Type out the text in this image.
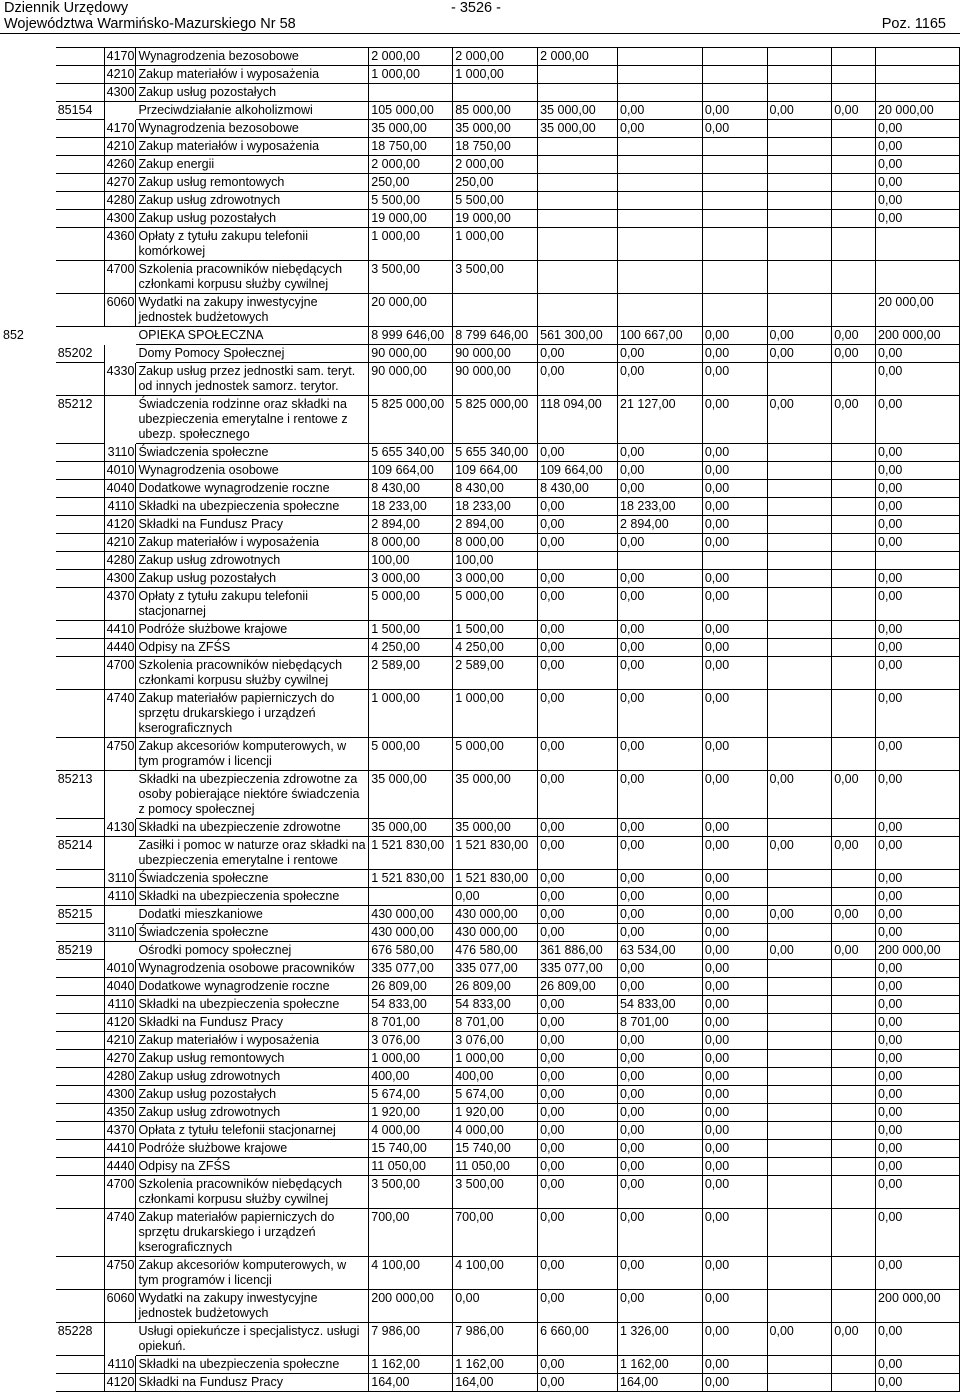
Dziennik Urzędowy
Województwa Warmińsko-Mazurskiego Nr 58
- 3526 -
Poz. 1165
		4170	Wynagrodzenia bezosobowe	2 000,00	2 000,00	2 000,00					
		4210	Zakup materiałów i wyposażenia	1 000,00	1 000,00						
		4300	Zakup usług pozostałych								
	85154		Przeciwdziałanie alkoholizmowi	105 000,00	85 000,00	35 000,00	0,00	0,00	0,00	0,00	20 000,00
		4170	Wynagrodzenia bezosobowe	35 000,00	35 000,00	35 000,00	0,00	0,00			0,00
		4210	Zakup materiałów i wyposażenia	18 750,00	18 750,00						0,00
		4260	Zakup energii	2 000,00	2 000,00						0,00
		4270	Zakup usług remontowych	250,00	250,00						0,00
		4280	Zakup usług zdrowotnych	5 500,00	5 500,00						0,00
		4300	Zakup usług pozostałych	19 000,00	19 000,00						0,00
		4360	Opłaty z tytułu zakupu telefonii komórkowej	1 000,00	1 000,00						
		4700	Szkolenia pracowników niebędących członkami korpusu służby cywilnej	3 500,00	3 500,00						
		6060	Wydatki na zakupy inwestycyjne jednostek budżetowych	20 000,00							20 000,00
852			OPIEKA SPOŁECZNA	8 999 646,00	8 799 646,00	561 300,00	100 667,00	0,00	0,00	0,00	200 000,00
	85202		Domy Pomocy Społecznej	90 000,00	90 000,00	0,00	0,00	0,00	0,00	0,00	0,00
		4330	Zakup usług przez jednostki sam. teryt. od innych jednostek samorz. terytor.	90 000,00	90 000,00	0,00	0,00	0,00			0,00
	85212		Świadczenia rodzinne oraz składki na ubezpieczenia emerytalne i rentowe z ubezp. społecznego	5 825 000,00	5 825 000,00	118 094,00	21 127,00	0,00	0,00	0,00	0,00
		3110	Świadczenia społeczne	5 655 340,00	5 655 340,00	0,00	0,00	0,00			0,00
		4010	Wynagrodzenia osobowe	109 664,00	109 664,00	109 664,00	0,00	0,00			0,00
		4040	Dodatkowe wynagrodzenie roczne	8 430,00	8 430,00	8 430,00	0,00	0,00			0,00
		4110	Składki na ubezpieczenia społeczne	18 233,00	18 233,00	0,00	18 233,00	0,00			0,00
		4120	Składki na Fundusz Pracy	2 894,00	2 894,00	0,00	2 894,00	0,00			0,00
		4210	Zakup materiałów i wyposażenia	8 000,00	8 000,00	0,00	0,00	0,00			0,00
		4280	Zakup usług zdrowotnych	100,00	100,00						
		4300	Zakup usług pozostałych	3 000,00	3 000,00	0,00	0,00	0,00			0,00
		4370	Opłaty z tytułu zakupu telefonii stacjonarnej	5 000,00	5 000,00	0,00	0,00	0,00			0,00
		4410	Podróże służbowe krajowe	1 500,00	1 500,00	0,00	0,00	0,00			0,00
		4440	Odpisy na ZFŚS	4 250,00	4 250,00	0,00	0,00	0,00			0,00
		4700	Szkolenia pracowników niebędących członkami korpusu służby cywilnej	2 589,00	2 589,00	0,00	0,00	0,00			0,00
		4740	Zakup materiałów papierniczych do sprzętu drukarskiego i urządzeń kserograficznych	1 000,00	1 000,00	0,00	0,00	0,00			0,00
		4750	Zakup akcesoriów komputerowych, w tym programów i licencji	5 000,00	5 000,00	0,00	0,00	0,00			0,00
	85213		Składki na ubezpieczenia zdrowotne za osoby pobierające niektóre świadczenia z pomocy społecznej	35 000,00	35 000,00	0,00	0,00	0,00	0,00	0,00	0,00
		4130	Składki na ubezpieczenie zdrowotne	35 000,00	35 000,00	0,00	0,00	0,00			0,00
	85214		Zasiłki i pomoc w naturze oraz składki na ubezpieczenia emerytalne i rentowe	1 521 830,00	1 521 830,00	0,00	0,00	0,00	0,00	0,00	0,00
		3110	Świadczenia społeczne	1 521 830,00	1 521 830,00	0,00	0,00	0,00			0,00
		4110	Składki na ubezpieczenia społeczne		0,00	0,00	0,00	0,00			0,00
	85215		Dodatki mieszkaniowe	430 000,00	430 000,00	0,00	0,00	0,00	0,00	0,00	0,00
		3110	Świadczenia społeczne	430 000,00	430 000,00	0,00	0,00	0,00			0,00
	85219		Ośrodki pomocy społecznej	676 580,00	476 580,00	361 886,00	63 534,00	0,00	0,00	0,00	200 000,00
		4010	Wynagrodzenia osobowe pracowników	335 077,00	335 077,00	335 077,00	0,00	0,00			0,00
		4040	Dodatkowe wynagrodzenie roczne	26 809,00	26 809,00	26 809,00	0,00	0,00			0,00
		4110	Składki na ubezpieczenia społeczne	54 833,00	54 833,00	0,00	54 833,00	0,00			0,00
		4120	Składki na Fundusz Pracy	8 701,00	8 701,00	0,00	8 701,00	0,00			0,00
		4210	Zakup materiałów i wyposażenia	3 076,00	3 076,00	0,00	0,00	0,00			0,00
		4270	Zakup usług remontowych	1 000,00	1 000,00	0,00	0,00	0,00			0,00
		4280	Zakup usług zdrowotnych	400,00	400,00	0,00	0,00	0,00			0,00
		4300	Zakup usług pozostałych	5 674,00	5 674,00	0,00	0,00	0,00			0,00
		4350	Zakup usług zdrowotnych	1 920,00	1 920,00	0,00	0,00	0,00			0,00
		4370	Opłata z tytułu telefonii stacjonarnej	4 000,00	4 000,00	0,00	0,00	0,00			0,00
		4410	Podróże służbowe krajowe	15 740,00	15 740,00	0,00	0,00	0,00			0,00
		4440	Odpisy na ZFŚS	11 050,00	11 050,00	0,00	0,00	0,00			0,00
		4700	Szkolenia pracowników niebędących członkami korpusu służby cywilnej	3 500,00	3 500,00	0,00	0,00	0,00			0,00
		4740	Zakup materiałów papierniczych do sprzętu drukarskiego i urządzeń kserograficznych	700,00	700,00	0,00	0,00	0,00			0,00
		4750	Zakup akcesoriów komputerowych, w tym programów i licencji	4 100,00	4 100,00	0,00	0,00	0,00			0,00
		6060	Wydatki na zakupy inwestycyjne jednostek budżetowych	200 000,00	0,00	0,00	0,00	0,00			200 000,00
	85228		Usługi opiekuńcze i specjalistycz. usługi opiekuń.	7 986,00	7 986,00	6 660,00	1 326,00	0,00	0,00	0,00	0,00
		4110	Składki na ubezpieczenia społeczne	1 162,00	1 162,00	0,00	1 162,00	0,00			0,00
		4120	Składki na Fundusz Pracy	164,00	164,00	0,00	164,00	0,00			0,00
